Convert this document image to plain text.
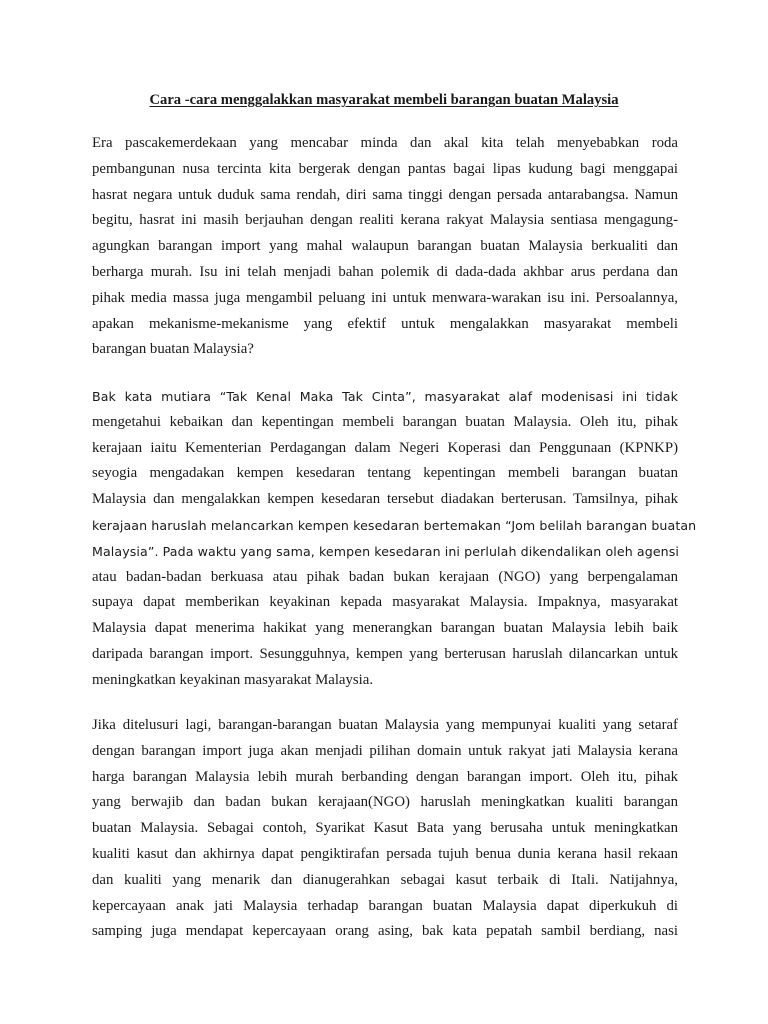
Cara -cara menggalakkan masyarakat membeli barangan buatan Malaysia
Era pascakemerdekaan yang mencabar minda dan akal kita telah menyebabkan roda
pembangunan nusa tercinta kita bergerak dengan pantas bagai lipas kudung bagi menggapai
hasrat negara untuk duduk sama rendah, diri sama tinggi dengan persada antarabangsa. Namun
begitu, hasrat ini masih berjauhan dengan realiti kerana rakyat Malaysia sentiasa mengagung-
agungkan barangan import yang mahal walaupun barangan buatan Malaysia berkualiti dan
berharga murah. Isu ini telah menjadi bahan polemik di dada-dada akhbar arus perdana dan
pihak media massa juga mengambil peluang ini untuk menwara-warakan isu ini. Persoalannya,
apakan mekanisme-mekanisme yang efektif untuk mengalakkan masyarakat membeli
barangan buatan Malaysia?
Bak kata mutiara “Tak Kenal Maka Tak Cinta”, masyarakat alaf modenisasi ini tidak
mengetahui kebaikan dan kepentingan membeli barangan buatan Malaysia. Oleh itu, pihak
kerajaan iaitu Kementerian Perdagangan dalam Negeri Koperasi dan Penggunaan (KPNKP)
seyogia mengadakan kempen kesedaran tentang kepentingan membeli barangan buatan
Malaysia dan mengalakkan kempen kesedaran tersebut diadakan berterusan. Tamsilnya, pihak
kerajaan haruslah melancarkan kempen kesedaran bertemakan “Jom belilah barangan buatan
Malaysia”. Pada waktu yang sama, kempen kesedaran ini perlulah dikendalikan oleh agensi
atau badan-badan berkuasa atau pihak badan bukan kerajaan (NGO) yang berpengalaman
supaya dapat memberikan keyakinan kepada masyarakat Malaysia. Impaknya, masyarakat
Malaysia dapat menerima hakikat yang menerangkan barangan buatan Malaysia lebih baik
daripada barangan import. Sesungguhnya, kempen yang berterusan haruslah dilancarkan untuk
meningkatkan keyakinan masyarakat Malaysia.
Jika ditelusuri lagi, barangan-barangan buatan Malaysia yang mempunyai kualiti yang setaraf
dengan barangan import juga akan menjadi pilihan domain untuk rakyat jati Malaysia kerana
harga barangan Malaysia lebih murah berbanding dengan barangan import. Oleh itu, pihak
yang berwajib dan badan bukan kerajaan(NGO) haruslah meningkatkan kualiti barangan
buatan Malaysia. Sebagai contoh, Syarikat Kasut Bata yang berusaha untuk meningkatkan
kualiti kasut dan akhirnya dapat pengiktirafan persada tujuh benua dunia kerana hasil rekaan
dan kualiti yang menarik dan dianugerahkan sebagai kasut terbaik di Itali. Natijahnya,
kepercayaan anak jati Malaysia terhadap barangan buatan Malaysia dapat diperkukuh di
samping juga mendapat kepercayaan orang asing, bak kata pepatah sambil berdiang, nasi
